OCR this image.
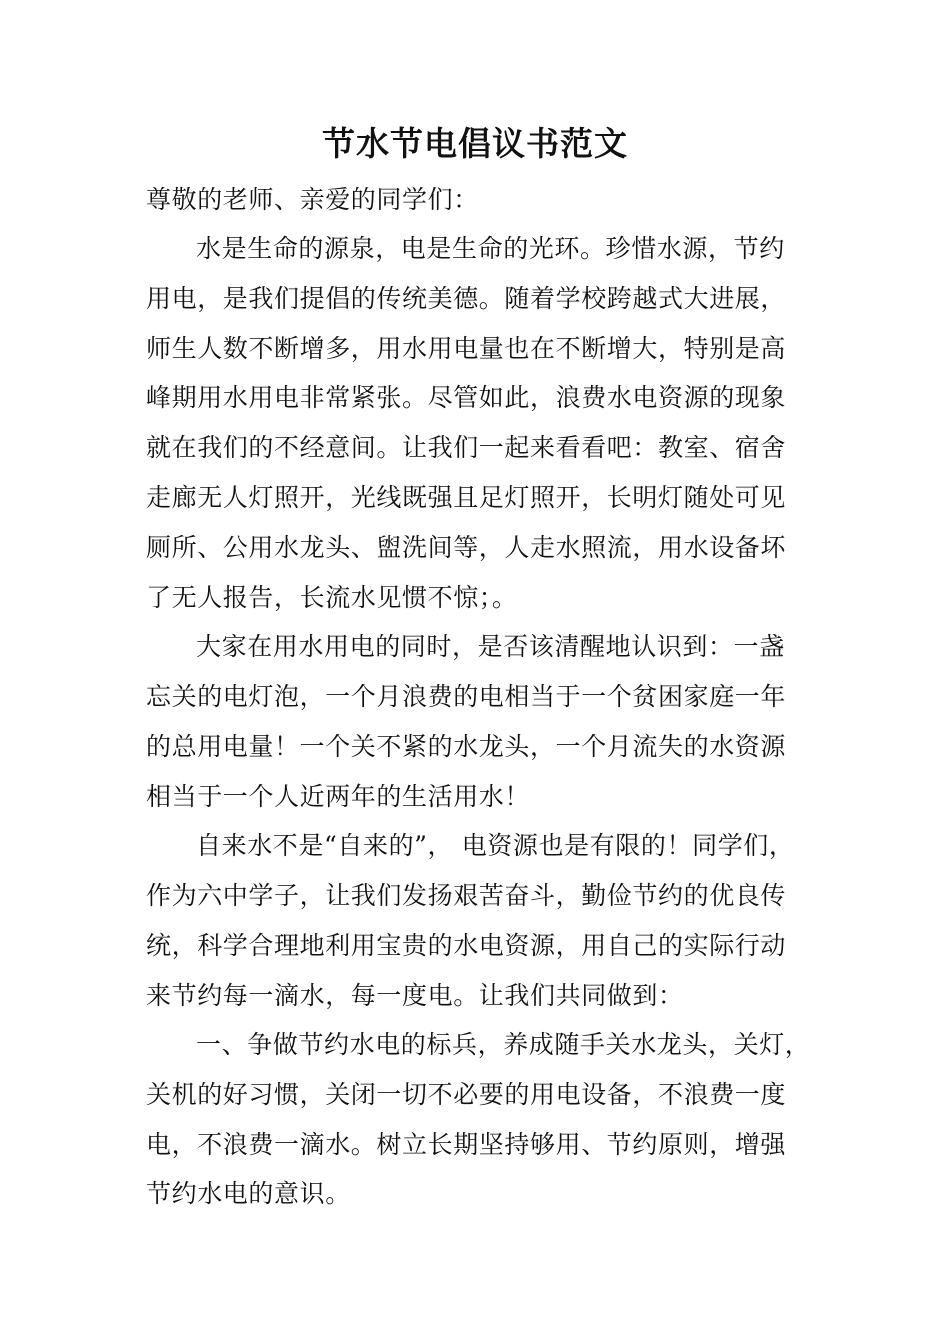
节水节电倡议书范文
尊敬的老师、亲爱的同学们：
水是生命的源泉，电是生命的光环。珍惜水源，节约
用电，是我们提倡的传统美德。随着学校跨越式大进展，
师生人数不断增多，用水用电量也在不断增大，特别是高
峰期用水用电非常紧张。尽管如此，浪费水电资源的现象
就在我们的不经意间。让我们一起来看看吧：教室、宿舍
走廊无人灯照开，光线既强且足灯照开，长明灯随处可见
厕所、公用水龙头、盥洗间等，人走水照流，用水设备坏
了无人报告，长流水见惯不惊；。
大家在用水用电的同时，是否该清醒地认识到：一盏
忘关的电灯泡，一个月浪费的电相当于一个贫困家庭一年
的总用电量！一个关不紧的水龙头，一个月流失的水资源
相当于一个人近两年的生活用水！
自来水不是“自来的”， 电资源也是有限的！同学们，
作为六中学子，让我们发扬艰苦奋斗，勤俭节约的优良传
统，科学合理地利用宝贵的水电资源，用自己的实际行动
来节约每一滴水，每一度电。让我们共同做到：
一、争做节约水电的标兵，养成随手关水龙头，关灯，
关机的好习惯，关闭一切不必要的用电设备，不浪费一度
电，不浪费一滴水。树立长期坚持够用、节约原则，增强
节约水电的意识。
